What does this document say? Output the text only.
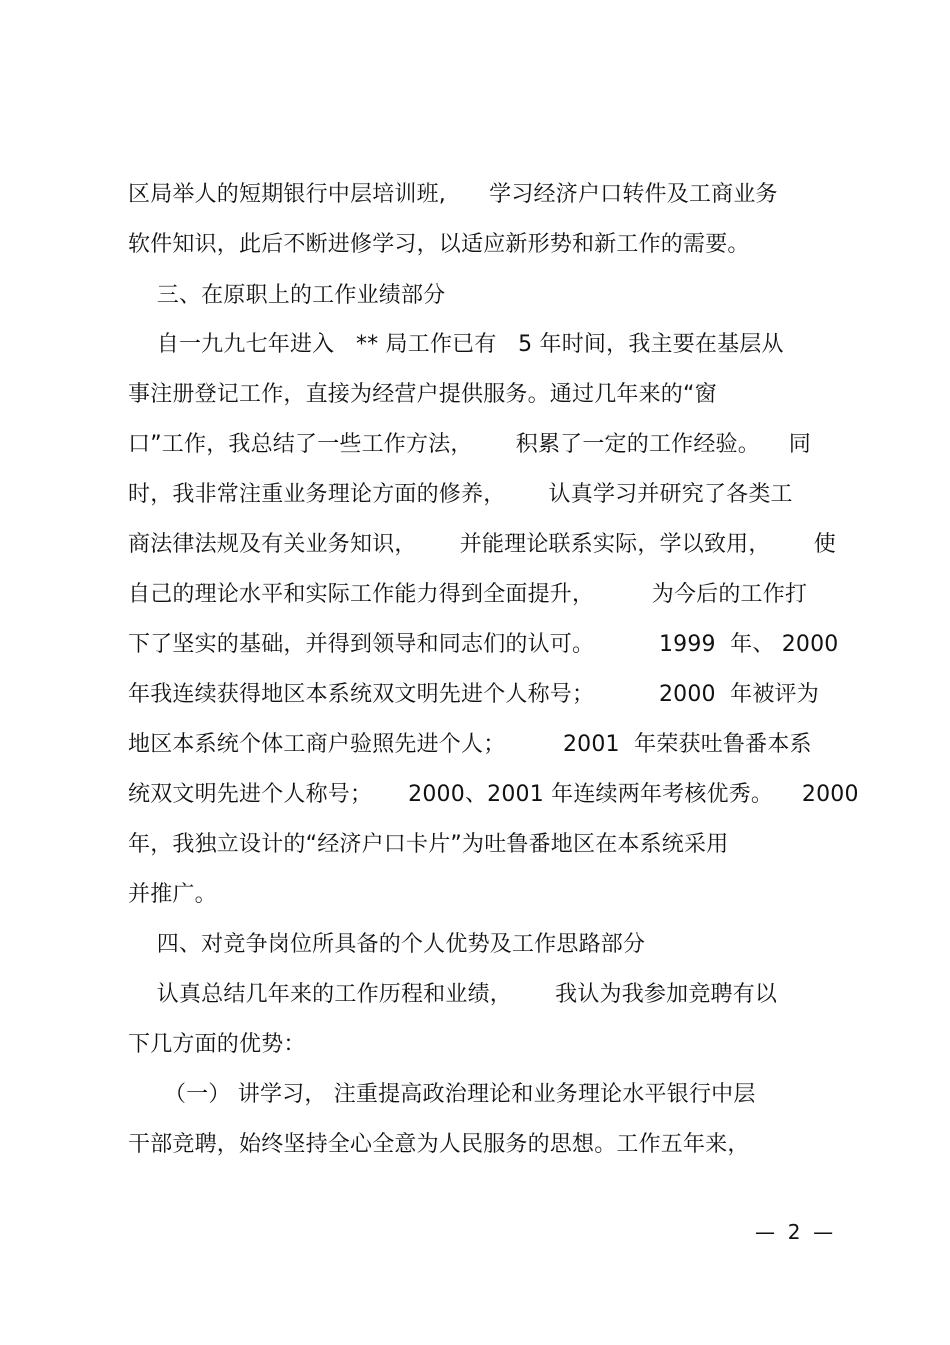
区局举人的短期银行中层培训班,      学习经济户口转件及工商业务
软件知识，此后不断进修学习，以适应新形势和新工作的需要。
三、在原职上的工作业绩部分
自一九九七年进入   ** 局工作已有   5 年时间，我主要在基层从
事注册登记工作，直接为经营户提供服务。通过几年来的“窗
口”工作，我总结了一些工作方法，      积累了一定的工作经验。    同
时，我非常注重业务理论方面的修养，      认真学习并研究了各类工
商法律法规及有关业务知识，      并能理论联系实际，学以致用，      使
自己的理论水平和实际工作能力得到全面提升，        为今后的工作打
下了坚实的基础，并得到领导和同志们的认可。         1999  年、 2000
年我连续获得地区本系统双文明先进个人称号；         2000  年被评为
地区本系统个体工商户验照先进个人；        2001  年荣获吐鲁番本系
统双文明先进个人称号；     2000、2001 年连续两年考核优秀。    2000
年，我独立设计的“经济户口卡片”为吐鲁番地区在本系统采用
并推广。
四、对竞争岗位所具备的个人优势及工作思路部分
认真总结几年来的工作历程和业绩，      我认为我参加竞聘有以
下几方面的优势：
（一） 讲学习， 注重提高政治理论和业务理论水平银行中层
干部竞聘，始终坚持全心全意为人民服务的思想。工作五年来，
—  2  —
